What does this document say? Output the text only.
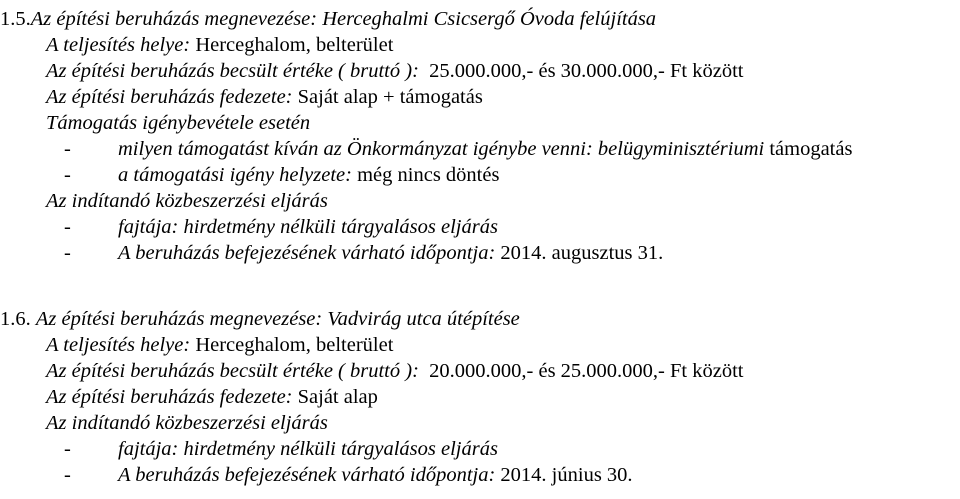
1.5.Az építési beruházás megnevezése: Herceghalmi Csicsergő Óvoda felújítása
A teljesítés helye: Herceghalom, belterület
Az építési beruházás becsült értéke ( bruttó ): 25.000.000,- és 30.000.000,- Ft között
Az építési beruházás fedezete: Saját alap + támogatás
Támogatás igénybevétele esetén
- milyen támogatást kíván az Önkormányzat igénybe venni: belügyminisztériumi támogatás
- a támogatási igény helyzete: még nincs döntés
Az indítandó közbeszerzési eljárás
- fajtája: hirdetmény nélküli tárgyalásos eljárás
- A beruházás befejezésének várható időpontja: 2014. augusztus 31.
1.6. Az építési beruházás megnevezése: Vadvirág utca útépítése
A teljesítés helye: Herceghalom, belterület
Az építési beruházás becsült értéke ( bruttó ): 20.000.000,- és 25.000.000,- Ft között
Az építési beruházás fedezete: Saját alap
Az indítandó közbeszerzési eljárás
- fajtája: hirdetmény nélküli tárgyalásos eljárás
- A beruházás befejezésének várható időpontja: 2014. június 30.
